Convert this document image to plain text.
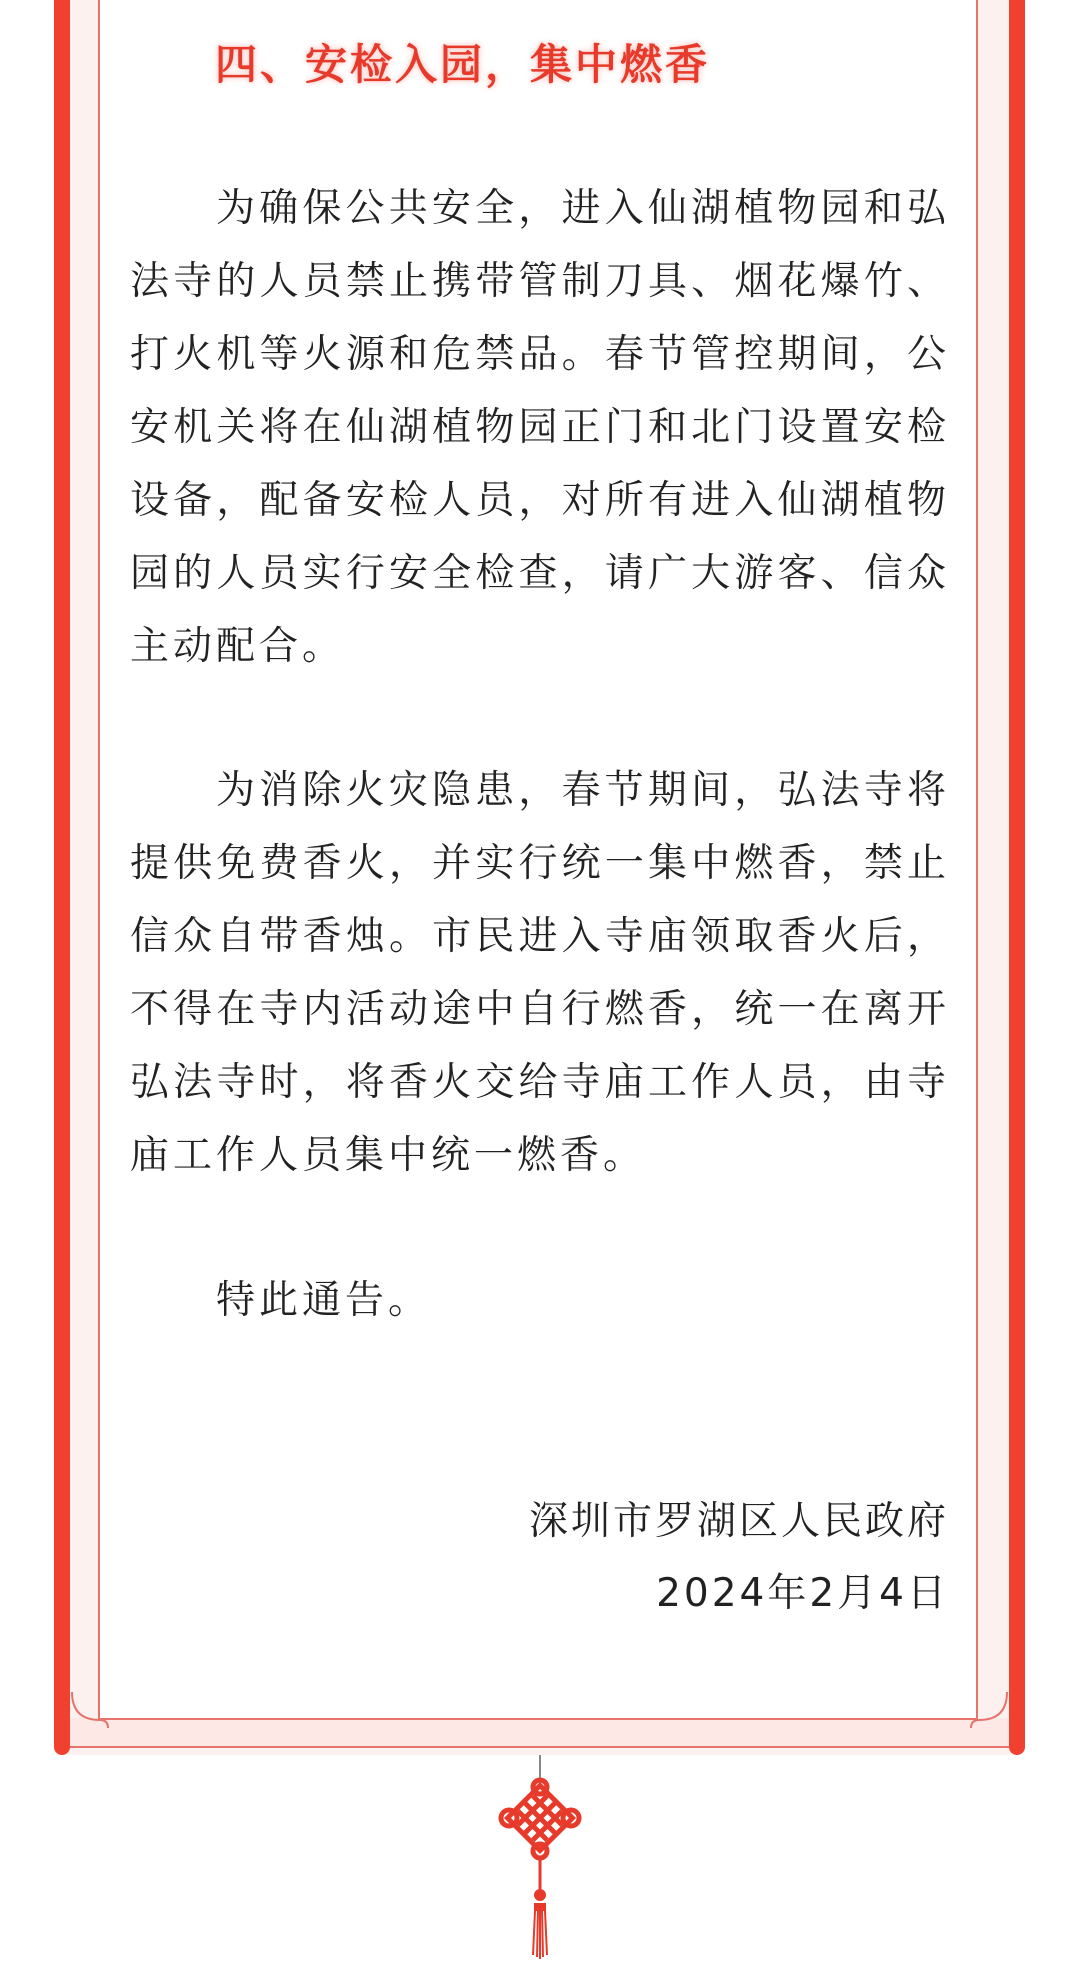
四、安检入园，集中燃香

为确保公共安全，进入仙湖植物园和弘法寺的人员禁止携带管制刀具、烟花爆竹、打火机等火源和危禁品。春节管控期间，公安机关将在仙湖植物园正门和北门设置安检设备，配备安检人员，对所有进入仙湖植物园的人员实行安全检查，请广大游客、信众主动配合。

为消除火灾隐患，春节期间，弘法寺将提供免费香火，并实行统一集中燃香，禁止信众自带香烛。市民进入寺庙领取香火后，不得在寺内活动途中自行燃香，统一在离开弘法寺时，将香火交给寺庙工作人员，由寺庙工作人员集中统一燃香。

特此通告。

深圳市罗湖区人民政府
2024年2月4日
